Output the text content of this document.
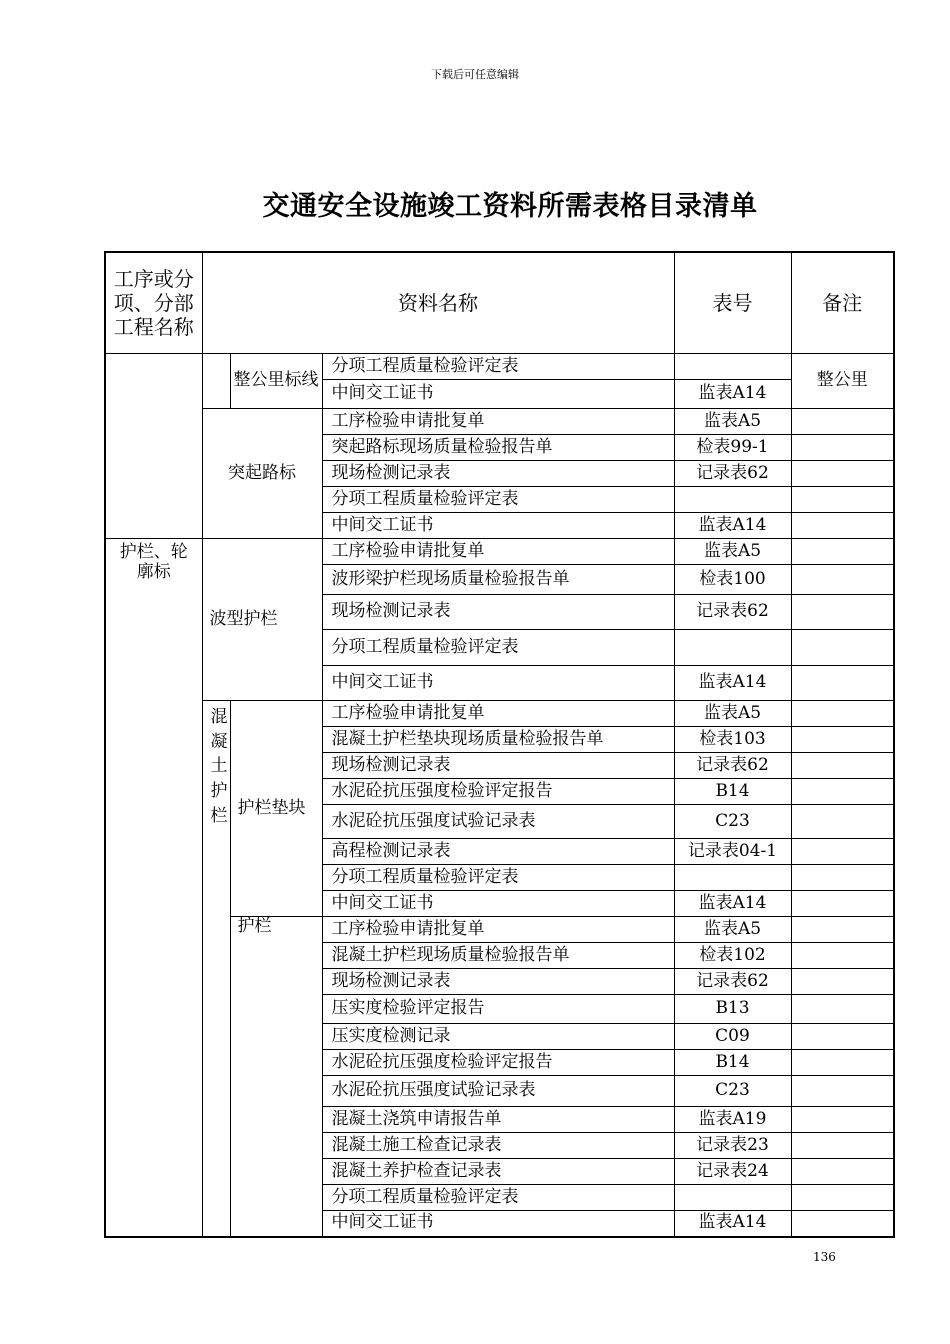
下载后可任意编辑
交通安全设施竣工资料所需表格目录清单
工序或分项、分部工程名称	资料名称			表号	备注
		整公里标线	分项工程质量检验评定表		整公里
			中间交工证书	监表A14	
	突起路标		工序检验申请批复单	监表A5	
			突起路标现场质量检验报告单	检表99-1	
			现场检测记录表	记录表62	
			分项工程质量检验评定表		
			中间交工证书	监表A14	

护栏、轮廓标	波型护栏		工序检验申请批复单	监表A5	
			波形梁护栏现场质量检验报告单	检表100	
			现场检测记录表	记录表62	
			分项工程质量检验评定表		
			中间交工证书	监表A14	

	混凝土护栏	护栏垫块	工序检验申请批复单	监表A5	
			混凝土护栏垫块现场质量检验报告单	检表103	
			现场检测记录表	记录表62	
			水泥砼抗压强度检验评定报告	B14	
			水泥砼抗压强度试验记录表	C23	
			高程检测记录表	记录表04-1	
			分项工程质量检验评定表		
			中间交工证书	监表A14	
		护栏	工序检验申请批复单	监表A5	
			混凝土护栏现场质量检验报告单	检表102	
			现场检测记录表	记录表62	
			压实度检验评定报告	B13	
			压实度检测记录	C09	
			水泥砼抗压强度检验评定报告	B14	
			水泥砼抗压强度试验记录表	C23	
			混凝土浇筑申请报告单	监表A19	
			混凝土施工检查记录表	记录表23	
			混凝土养护检查记录表	记录表24	
			分项工程质量检验评定表		
			中间交工证书	监表A14	
136
